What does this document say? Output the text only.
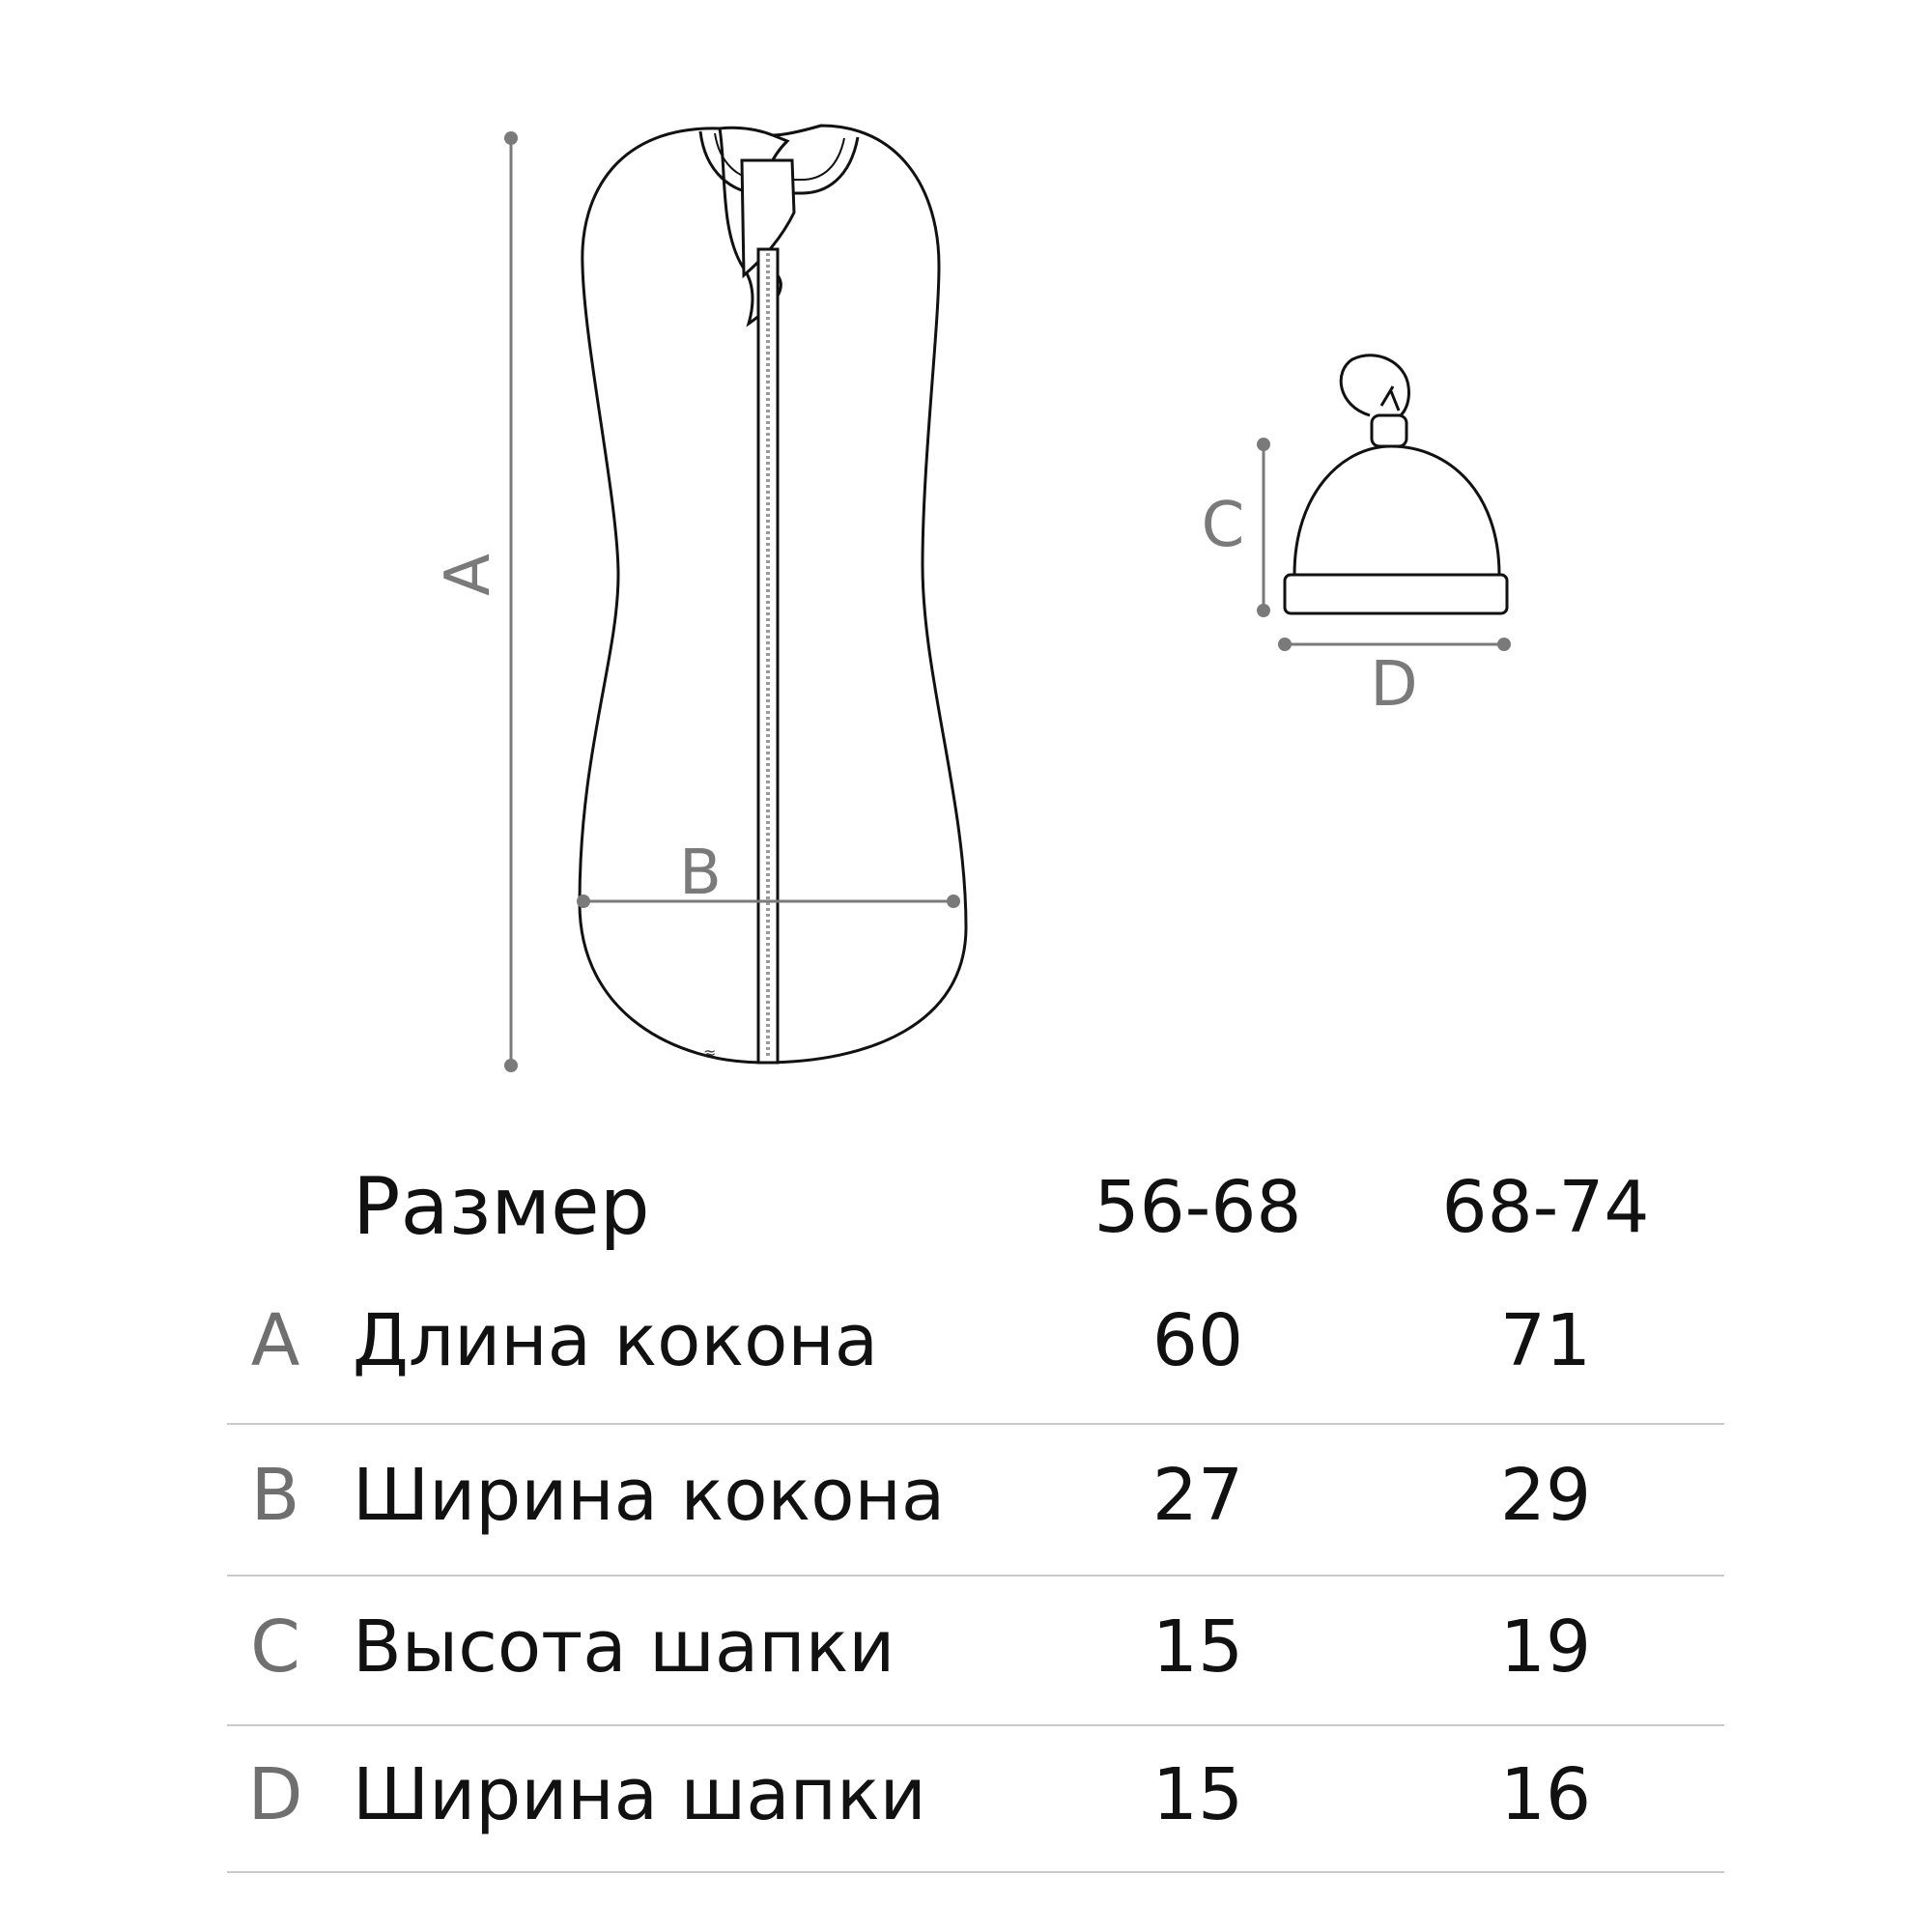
≈
A
B
C
D
Размер	56-68	68-74
A Длина кокона	60	71
B Ширина кокона	27	29
C Высота шапки	15	19
D Ширина шапки	15	16
